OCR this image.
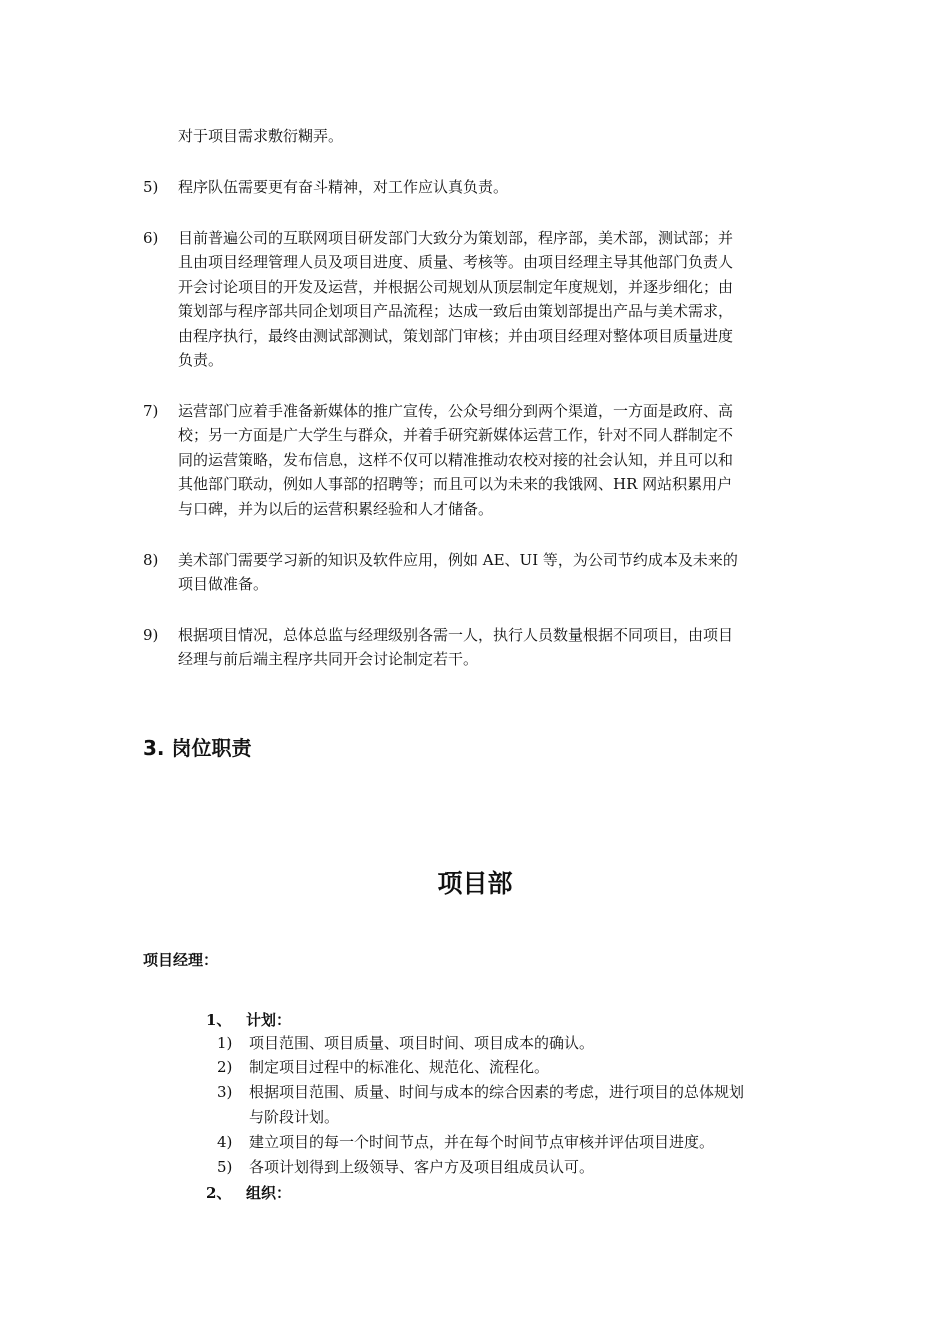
对于项目需求敷衍糊弄。
5) 程序队伍需要更有奋斗精神，对工作应认真负责。
6) 目前普遍公司的互联网项目研发部门大致分为策划部，程序部，美术部，测试部；并
且由项目经理管理人员及项目进度、质量、考核等。由项目经理主导其他部门负责人
开会讨论项目的开发及运营，并根据公司规划从顶层制定年度规划，并逐步细化；由
策划部与程序部共同企划项目产品流程；达成一致后由策划部提出产品与美术需求，
由程序执行，最终由测试部测试，策划部门审核；并由项目经理对整体项目质量进度
负责。
7) 运营部门应着手准备新媒体的推广宣传，公众号细分到两个渠道，一方面是政府、高
校；另一方面是广大学生与群众，并着手研究新媒体运营工作，针对不同人群制定不
同的运营策略，发布信息，这样不仅可以精准推动农校对接的社会认知，并且可以和
其他部门联动，例如人事部的招聘等；而且可以为未来的我饿网、HR 网站积累用户
与口碑，并为以后的运营积累经验和人才储备。
8) 美术部门需要学习新的知识及软件应用，例如 AE、UI 等，为公司节约成本及未来的
项目做准备。
9) 根据项目情况，总体总监与经理级别各需一人，执行人员数量根据不同项目，由项目
经理与前后端主程序共同开会讨论制定若干。
3. 岗位职责
项目部
项目经理：
1、 计划：
1) 项目范围、项目质量、项目时间、项目成本的确认。
2) 制定项目过程中的标准化、规范化、流程化。
3) 根据项目范围、质量、时间与成本的综合因素的考虑，进行项目的总体规划
与阶段计划。
4) 建立项目的每一个时间节点，并在每个时间节点审核并评估项目进度。
5) 各项计划得到上级领导、客户方及项目组成员认可。
2、 组织：
